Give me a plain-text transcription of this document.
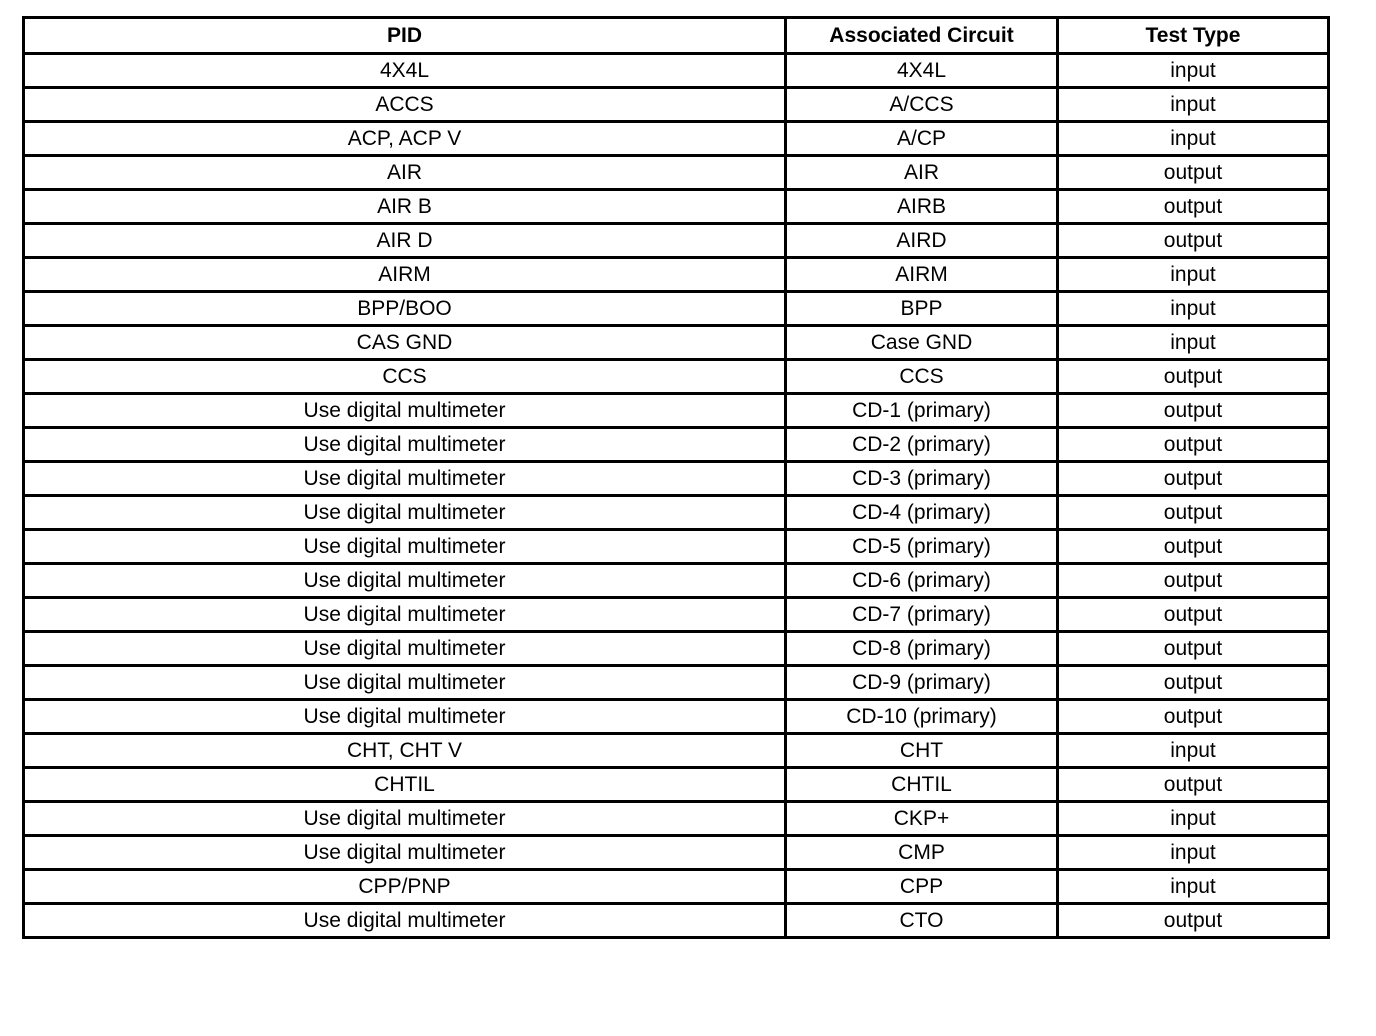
PID	Associated Circuit	Test Type
4X4L	4X4L	input
ACCS	A/CCS	input
ACP, ACP V	A/CP	input
AIR	AIR	output
AIR B	AIRB	output
AIR D	AIRD	output
AIRM	AIRM	input
BPP/BOO	BPP	input
CAS GND	Case GND	input
CCS	CCS	output
Use digital multimeter	CD-1 (primary)	output
Use digital multimeter	CD-2 (primary)	output
Use digital multimeter	CD-3 (primary)	output
Use digital multimeter	CD-4 (primary)	output
Use digital multimeter	CD-5 (primary)	output
Use digital multimeter	CD-6 (primary)	output
Use digital multimeter	CD-7 (primary)	output
Use digital multimeter	CD-8 (primary)	output
Use digital multimeter	CD-9 (primary)	output
Use digital multimeter	CD-10 (primary)	output
CHT, CHT V	CHT	input
CHTIL	CHTIL	output
Use digital multimeter	CKP+	input
Use digital multimeter	CMP	input
CPP/PNP	CPP	input
Use digital multimeter	CTO	output
